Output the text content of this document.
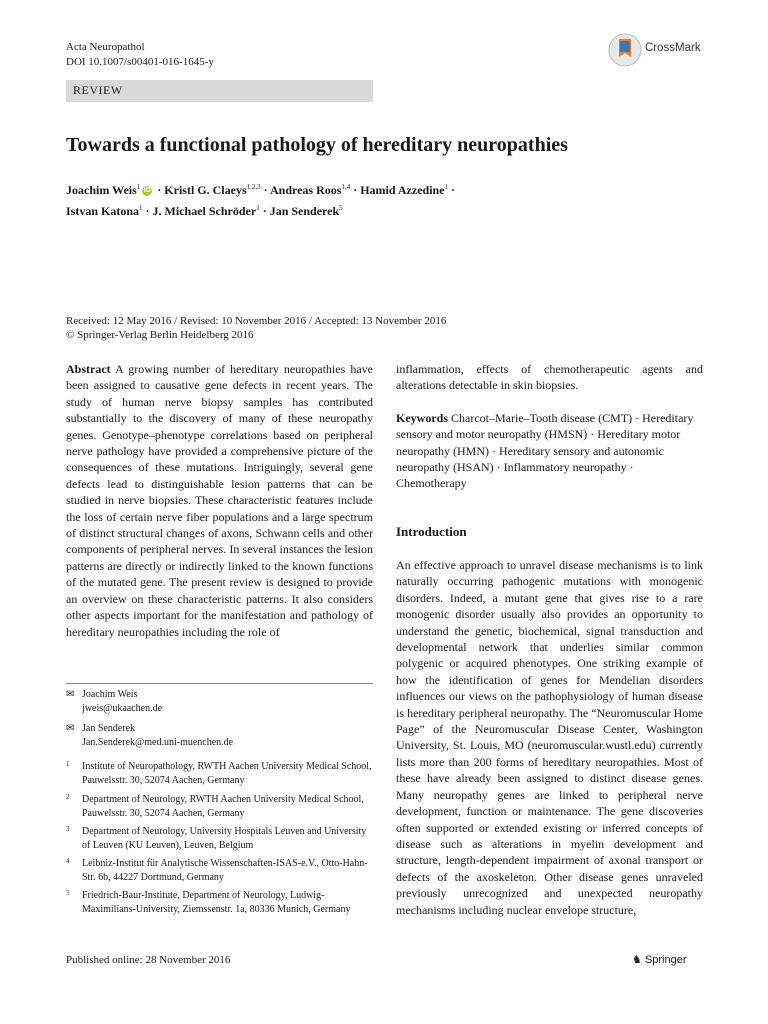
Acta Neuropathol
DOI 10.1007/s00401-016-1645-y
CrossMark
REVIEW
Towards a functional pathology of hereditary neuropathies
Joachim Weis$^1$ iD · Kristl G. Claeys$^{1,2,3}$ · Andreas Roos$^{1,4}$ · Hamid Azzedine$^1$ ·
Istvan Katona$^1$ · J. Michael Schröder$^1$ · Jan Senderek$^5$
Received: 12 May 2016 / Revised: 10 November 2016 / Accepted: 13 November 2016
© Springer-Verlag Berlin Heidelberg 2016

Abstract A growing number of hereditary neuropathies have been assigned to causative gene defects in recent years. The study of human nerve biopsy samples has contributed substantially to the discovery of many of these neuropathy genes. Genotype–phenotype correlations based on peripheral nerve pathology have provided a comprehensive picture of the consequences of these mutations. Intriguingly, several gene defects lead to distinguishable lesion patterns that can be studied in nerve biopsies. These characteristic features include the loss of certain nerve fiber populations and a large spectrum of distinct structural changes of axons, Schwann cells and other components of peripheral nerves. In several instances the lesion patterns are directly or indirectly linked to the known functions of the mutated gene. The present review is designed to provide an overview on these characteristic patterns. It also considers other aspects important for the manifestation and pathology of hereditary neuropathies including the role of

inflammation, effects of chemotherapeutic agents and alterations detectable in skin biopsies.

Keywords Charcot–Marie–Tooth disease (CMT) · Hereditary sensory and motor neuropathy (HMSN) · Hereditary motor neuropathy (HMN) · Hereditary sensory and autonomic neuropathy (HSAN) · Inflammatory neuropathy · Chemotherapy

Introduction

An effective approach to unravel disease mechanisms is to link naturally occurring pathogenic mutations with monogenic disorders. Indeed, a mutant gene that gives rise to a rare monogenic disorder usually also provides an opportunity to understand the genetic, biochemical, signal transduction and developmental network that underlies similar common polygenic or acquired phenotypes. One striking example of how the identification of genes for Mendelian disorders influences our views on the pathophysiology of human disease is hereditary peripheral neuropathy. The “Neuromuscular Home Page” of the Neuromuscular Disease Center, Washington University, St. Louis, MO (neuromuscular.wustl.edu) currently lists more than 200 forms of hereditary neuropathies. Most of these have already been assigned to distinct disease genes. Many neuropathy genes are linked to peripheral nerve development, function or maintenance. The gene discoveries often supported or extended existing or inferred concepts of disease such as alterations in myelin development and structure, length-dependent impairment of axonal transport or defects of the axoskeleton. Other disease genes unraveled previously unrecognized and unexpected neuropathy mechanisms including nuclear envelope structure,

✉ Joachim Weis
jweis@ukaachen.de
✉ Jan Senderek
Jan.Senderek@med.uni-muenchen.de
1 Institute of Neuropathology, RWTH Aachen University Medical School, Pauwelsstr. 30, 52074 Aachen, Germany
2 Department of Neurology, RWTH Aachen University Medical School, Pauwelsstr. 30, 52074 Aachen, Germany
3 Department of Neurology, University Hospitals Leuven and University of Leuven (KU Leuven), Leuven, Belgium
4 Leibniz-Institut für Analytische Wissenschaften-ISAS-e.V., Otto-Hahn-Str. 6b, 44227 Dortmund, Germany
5 Friedrich-Baur-Institute, Department of Neurology, Ludwig-Maximilians-University, Ziemssenstr. 1a, 80336 Munich, Germany
Published online: 28 November 2016	♞ Springer
